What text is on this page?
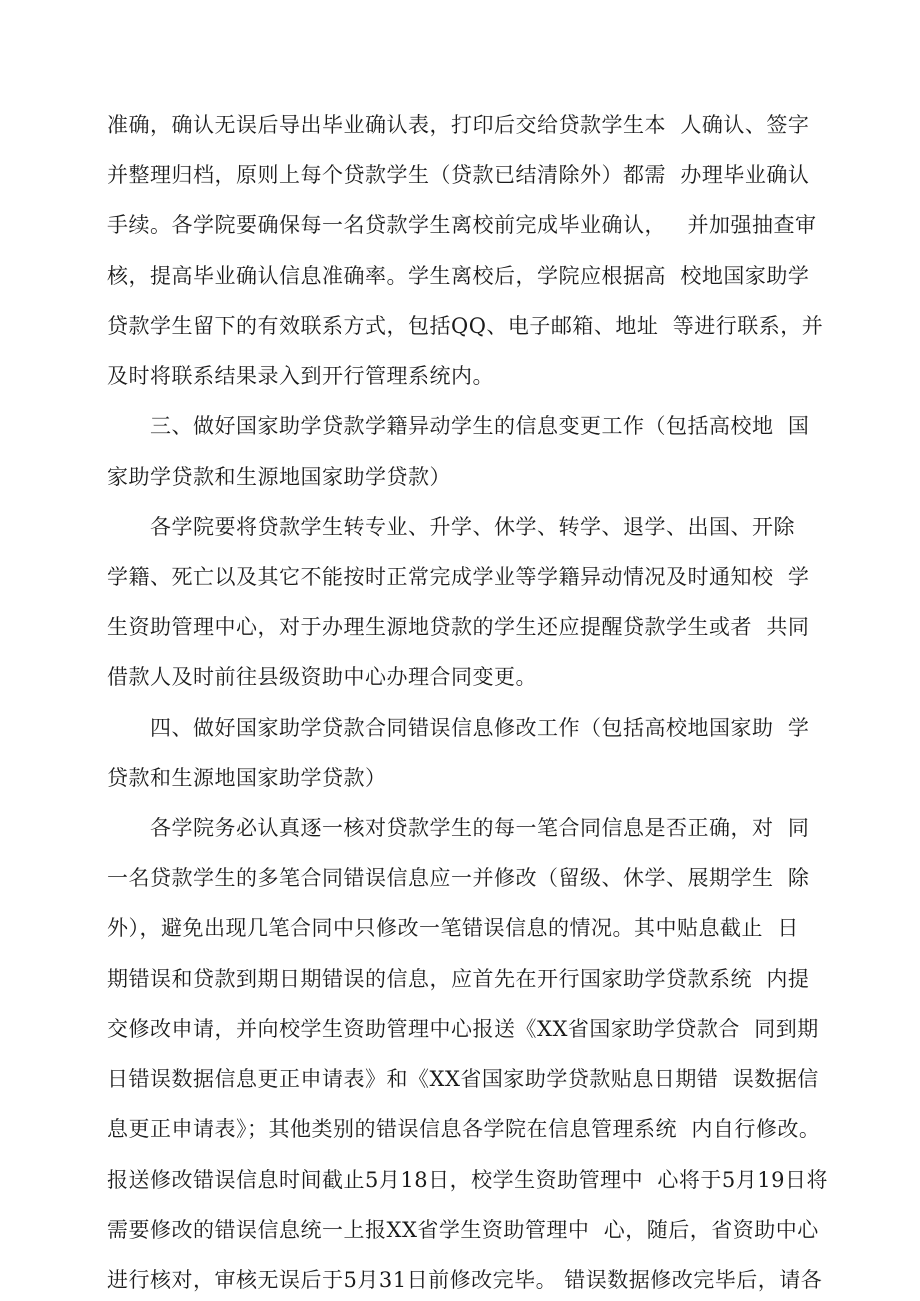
准确，确认无误后导出毕业确认表，打印后交给贷款学生本  人确认、签字
并整理归档，原则上每个贷款学生（贷款已结清除外）都需  办理毕业确认
手续。各学院要确保每一名贷款学生离校前完成毕业确认，   并加强抽查审
核，提高毕业确认信息准确率。学生离校后，学院应根据高  校地国家助学
贷款学生留下的有效联系方式，包括QQ、电子邮箱、地址  等进行联系，并
及时将联系结果录入到开行管理系统内。
三、做好国家助学贷款学籍异动学生的信息变更工作（包括高校地  国
家助学贷款和生源地国家助学贷款）
各学院要将贷款学生转专业、升学、休学、转学、退学、出国、开除
学籍、死亡以及其它不能按时正常完成学业等学籍异动情况及时通知校  学
生资助管理中心，对于办理生源地贷款的学生还应提醒贷款学生或者  共同
借款人及时前往县级资助中心办理合同变更。
四、做好国家助学贷款合同错误信息修改工作（包括高校地国家助  学
贷款和生源地国家助学贷款）
各学院务必认真逐一核对贷款学生的每一笔合同信息是否正确，对  同
一名贷款学生的多笔合同错误信息应一并修改（留级、休学、展期学生  除
外），避免出现几笔合同中只修改一笔错误信息的情况。其中贴息截止  日
期错误和贷款到期日期错误的信息，应首先在开行国家助学贷款系统  内提
交修改申请，并向校学生资助管理中心报送《XX省国家助学贷款合  同到期
日错误数据信息更正申请表》和《XX省国家助学贷款贴息日期错  误数据信
息更正申请表》；其他类别的错误信息各学院在信息管理系统  内自行修改。
报送修改错误信息时间截止5月18日，校学生资助管理中  心将于5月19日将
需要修改的错误信息统一上报XX省学生资助管理中  心，随后，省资助中心
进行核对，审核无误后于5月31日前修改完毕。 错误数据修改完毕后，请各
